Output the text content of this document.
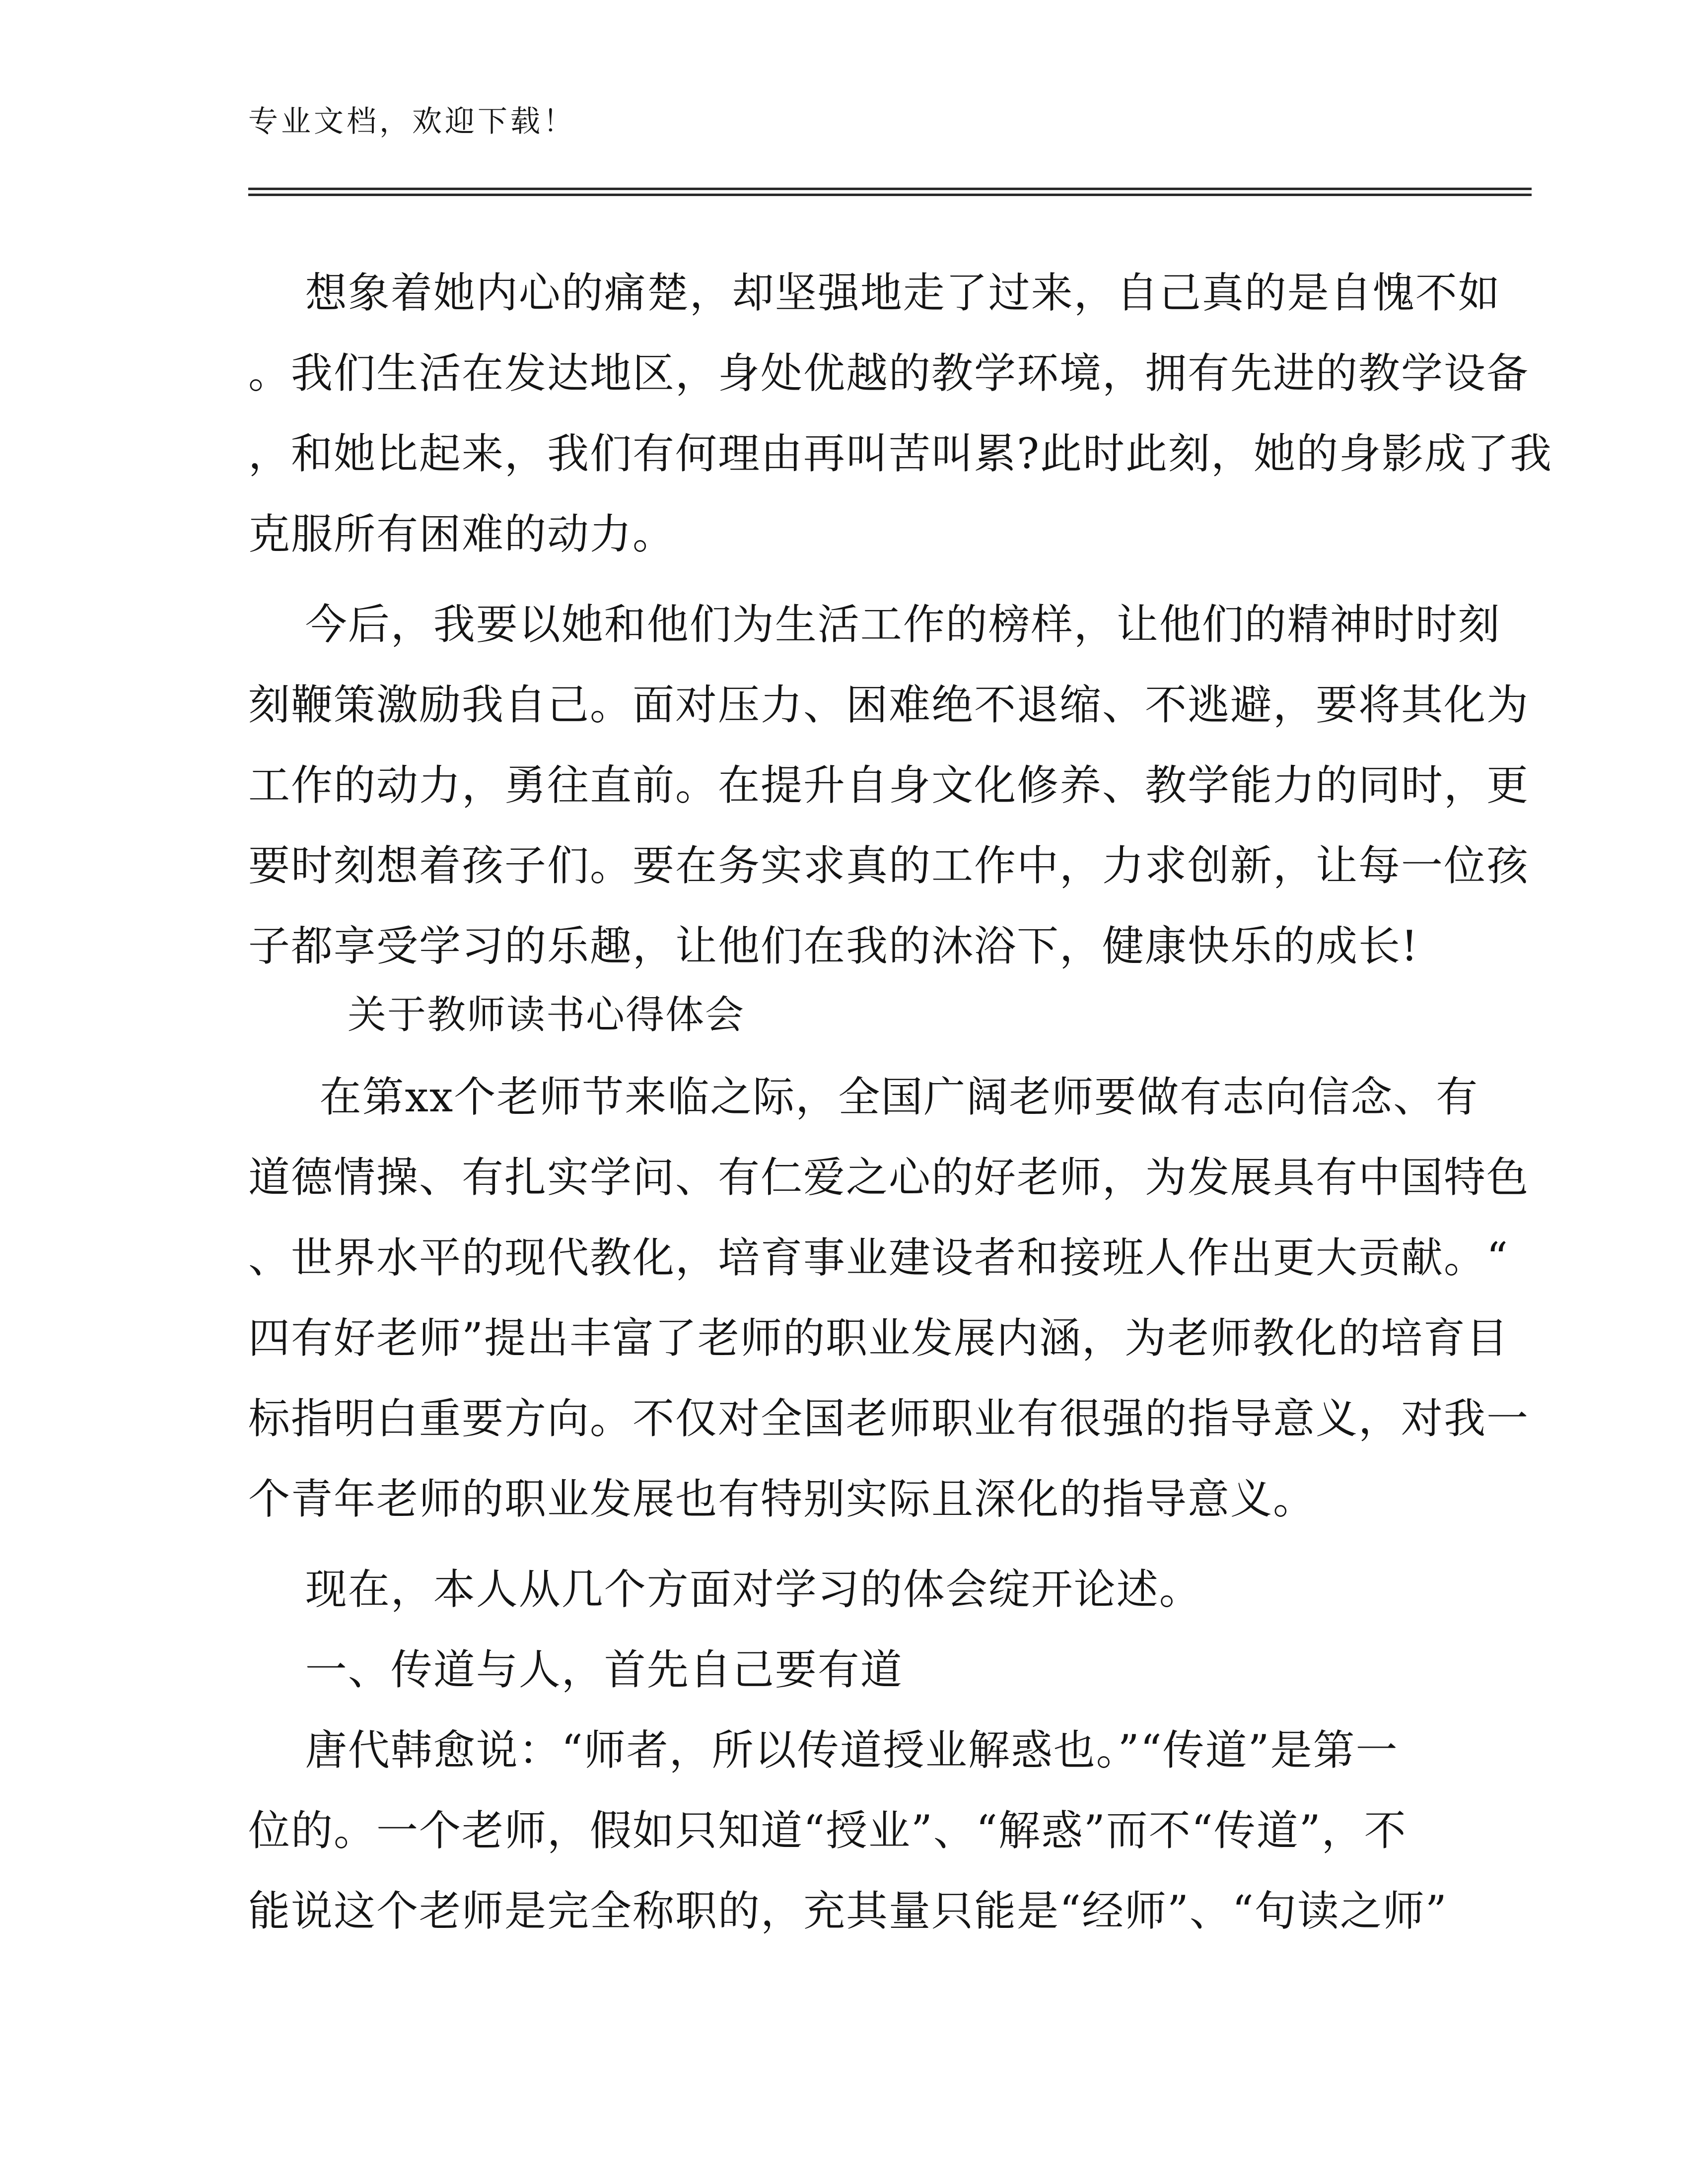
专业文档，欢迎下载！
想象着她内心的痛楚，却坚强地走了过来，自己真的是自愧不如
。我们生活在发达地区，身处优越的教学环境，拥有先进的教学设备
，和她比起来，我们有何理由再叫苦叫累?此时此刻，她的身影成了我
克服所有困难的动力。
今后，我要以她和他们为生活工作的榜样，让他们的精神时时刻
刻鞭策激励我自己。面对压力、困难绝不退缩、不逃避，要将其化为
工作的动力，勇往直前。在提升自身文化修养、教学能力的同时，更
要时刻想着孩子们。要在务实求真的工作中，力求创新，让每一位孩
子都享受学习的乐趣，让他们在我的沐浴下，健康快乐的成长!
关于教师读书心得体会
在第xx个老师节来临之际，全国广阔老师要做有志向信念、有
道德情操、有扎实学问、有仁爱之心的好老师，为发展具有中国特色
、世界水平的现代教化，培育事业建设者和接班人作出更大贡献。“
四有好老师”提出丰富了老师的职业发展内涵，为老师教化的培育目
标指明白重要方向。不仅对全国老师职业有很强的指导意义，对我一
个青年老师的职业发展也有特别实际且深化的指导意义。
现在，本人从几个方面对学习的体会绽开论述。
一、传道与人，首先自己要有道
唐代韩愈说：“师者，所以传道授业解惑也。”“传道”是第一
位的。一个老师，假如只知道“授业”、“解惑”而不“传道”，不
能说这个老师是完全称职的，充其量只能是“经师”、“句读之师”
